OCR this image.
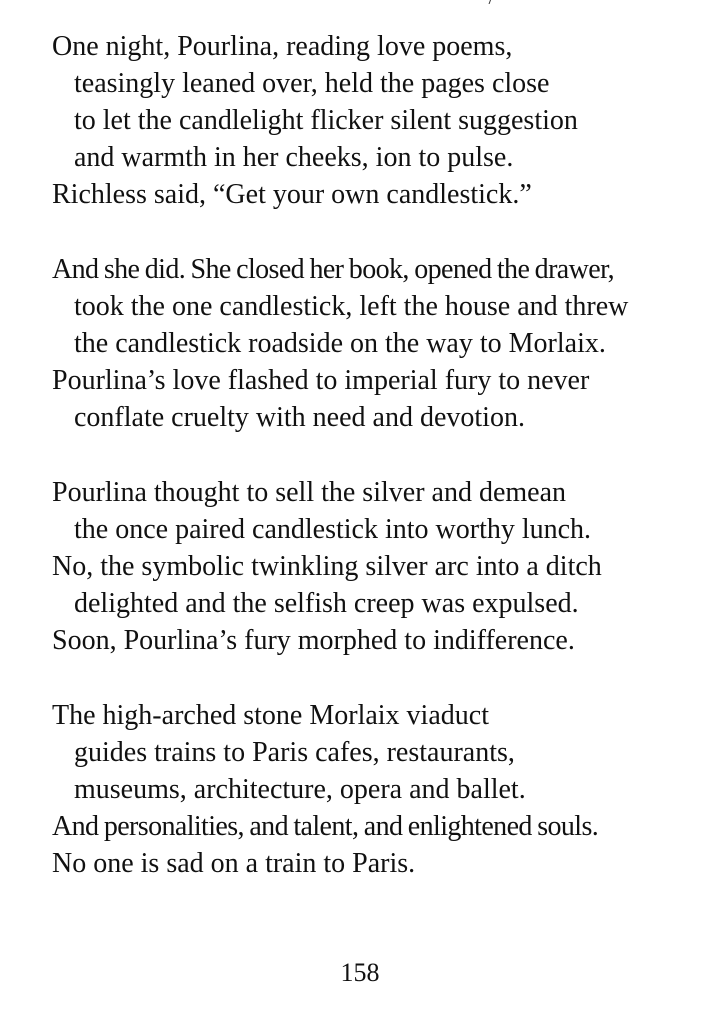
One night, Pourlina, reading love poems,
teasingly leaned over, held the pages close
to let the candlelight flicker silent suggestion
and warmth in her cheeks, ion to pulse.
Richless said, “Get your own candlestick.”
And she did. She closed her book, opened the drawer,
took the one candlestick, left the house and threw
the candlestick roadside on the way to Morlaix.
Pourlina’s love flashed to imperial fury to never
conflate cruelty with need and devotion.
Pourlina thought to sell the silver and demean
the once paired candlestick into worthy lunch.
No, the symbolic twinkling silver arc into a ditch
delighted and the selfish creep was expulsed.
Soon, Pourlina’s fury morphed to indifference.
The high-arched stone Morlaix viaduct
guides trains to Paris cafes, restaurants,
museums, architecture, opera and ballet.
And personalities, and talent, and enlightened souls.
No one is sad on a train to Paris.
158
